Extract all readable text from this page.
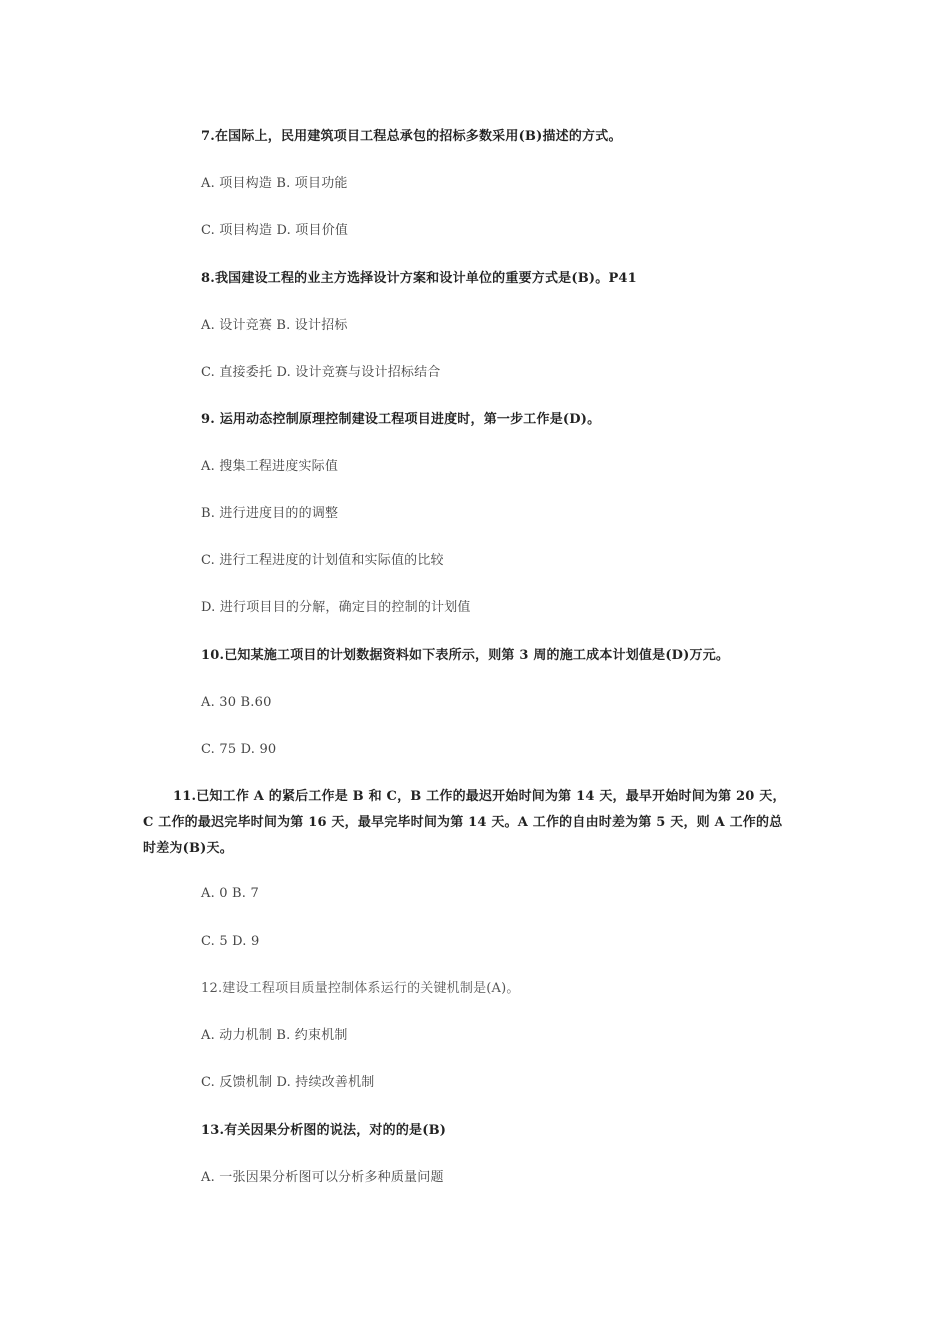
7.在国际上，民用建筑项目工程总承包的招标多数采用(B)描述的方式。
A. 项目构造 B. 项目功能
C. 项目构造 D. 项目价值
8.我国建设工程的业主方选择设计方案和设计单位的重要方式是(B)。P41
A. 设计竞赛 B. 设计招标
C. 直接委托 D. 设计竞赛与设计招标结合
9. 运用动态控制原理控制建设工程项目进度时，第一步工作是(D)。
A. 搜集工程进度实际值
B. 进行进度目的的调整
C. 进行工程进度的计划值和实际值的比较
D. 进行项目目的分解，确定目的控制的计划值
10.已知某施工项目的计划数据资料如下表所示，则第 3 周的施工成本计划值是(D)万元。
A. 30 B.60
C. 75 D. 90
11.已知工作 A 的紧后工作是 B 和 C，B 工作的最迟开始时间为第 14 天，最早开始时间为第 20 天，C 工作的最迟完毕时间为第 16 天，最早完毕时间为第 14 天。A 工作的自由时差为第 5 天，则 A 工作的总时差为(B)天。
A. 0 B. 7
C. 5 D. 9
12.建设工程项目质量控制体系运行的关键机制是(A)。
A. 动力机制 B. 约束机制
C. 反馈机制 D. 持续改善机制
13.有关因果分析图的说法，对的的是(B)
A. 一张因果分析图可以分析多种质量问题
